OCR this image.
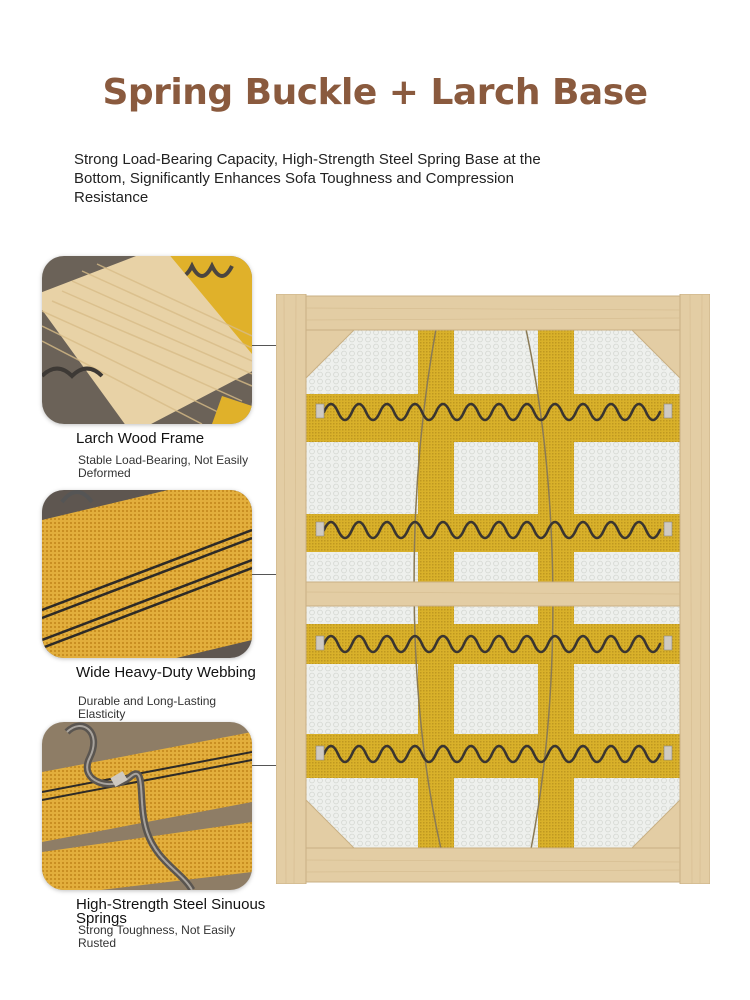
Spring Buckle + Larch Base
Strong Load-Bearing Capacity, High-Strength Steel Spring Base at the Bottom, Significantly Enhances Sofa Toughness and Compression Resistance
Larch Wood Frame
Stable Load-Bearing, Not Easily Deformed
Wide Heavy-Duty Webbing
Durable and Long-Lasting Elasticity
High-Strength Steel Sinuous Springs
Strong Toughness, Not Easily Rusted
